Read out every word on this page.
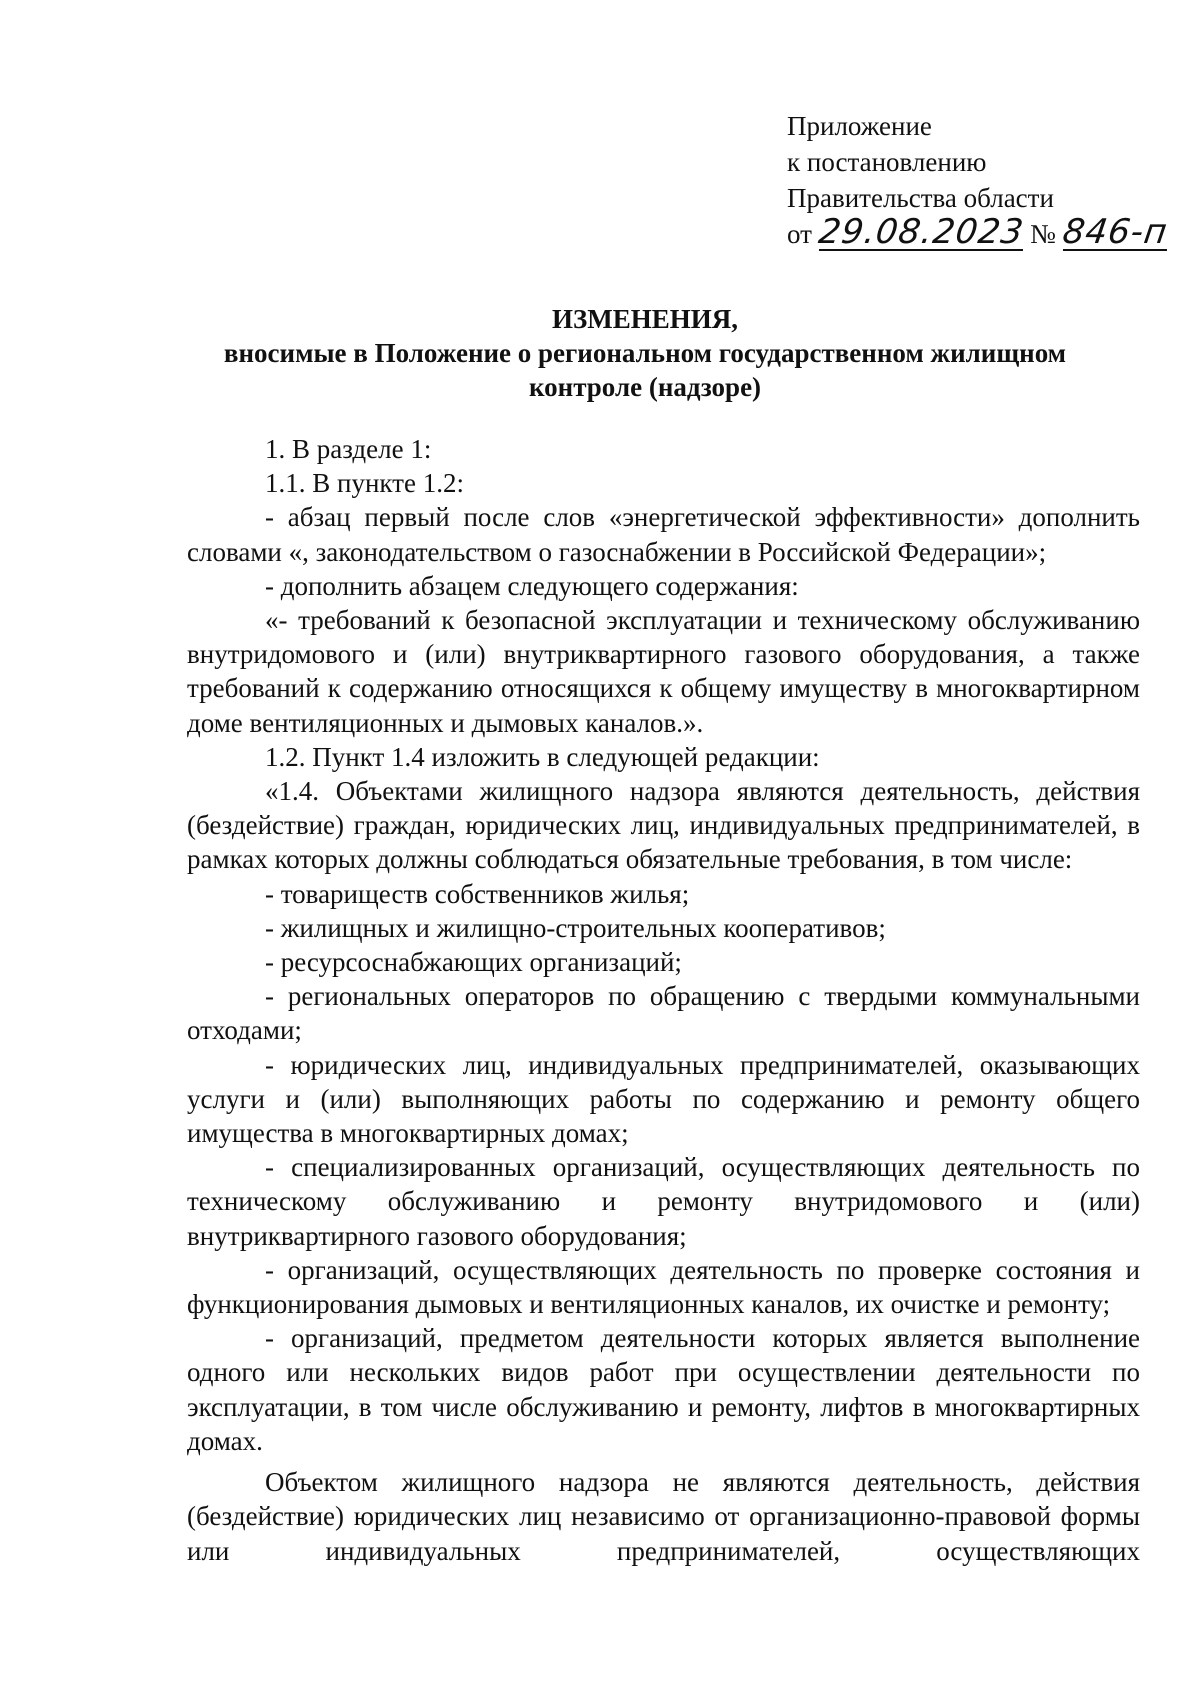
Приложение
к постановлению
Правительства области
от 29.08.2023 № 846-п
ИЗМЕНЕНИЯ,
вносимые в Положение о региональном государственном жилищном
контроле (надзоре)

1. В разделе 1:

1.1. В пункте 1.2:

- абзац первый после слов «энергетической эффективности» дополнить словами «, законодательством о газоснабжении в Российской Федерации»;

- дополнить абзацем следующего содержания:

«- требований к безопасной эксплуатации и техническому обслуживанию внутридомового и (или) внутриквартирного газового оборудования, а также требований к содержанию относящихся к общему имуществу в многоквартирном доме вентиляционных и дымовых каналов.».

1.2. Пункт 1.4 изложить в следующей редакции:

«1.4. Объектами жилищного надзора являются деятельность, действия (бездействие) граждан, юридических лиц, индивидуальных предпринимателей, в рамках которых должны соблюдаться обязательные требования, в том числе:

- товариществ собственников жилья;

- жилищных и жилищно-строительных кооперативов;

- ресурсоснабжающих организаций;

- региональных операторов по обращению с твердыми коммунальными отходами;

- юридических лиц, индивидуальных предпринимателей, оказывающих услуги и (или) выполняющих работы по содержанию и ремонту общего имущества в многоквартирных домах;

- специализированных организаций, осуществляющих деятельность по техническому обслуживанию и ремонту внутридомового и (или) внутриквартирного газового оборудования;

- организаций, осуществляющих деятельность по проверке состояния и функционирования дымовых и вентиляционных каналов, их очистке и ремонту;

- организаций, предметом деятельности которых является выполнение одного или нескольких видов работ при осуществлении деятельности по эксплуатации, в том числе обслуживанию и ремонту, лифтов в многоквартирных домах.

Объектом жилищного надзора не являются деятельность, действия (бездействие) юридических лиц независимо от организационно-правовой формы или индивидуальных предпринимателей, осуществляющих
